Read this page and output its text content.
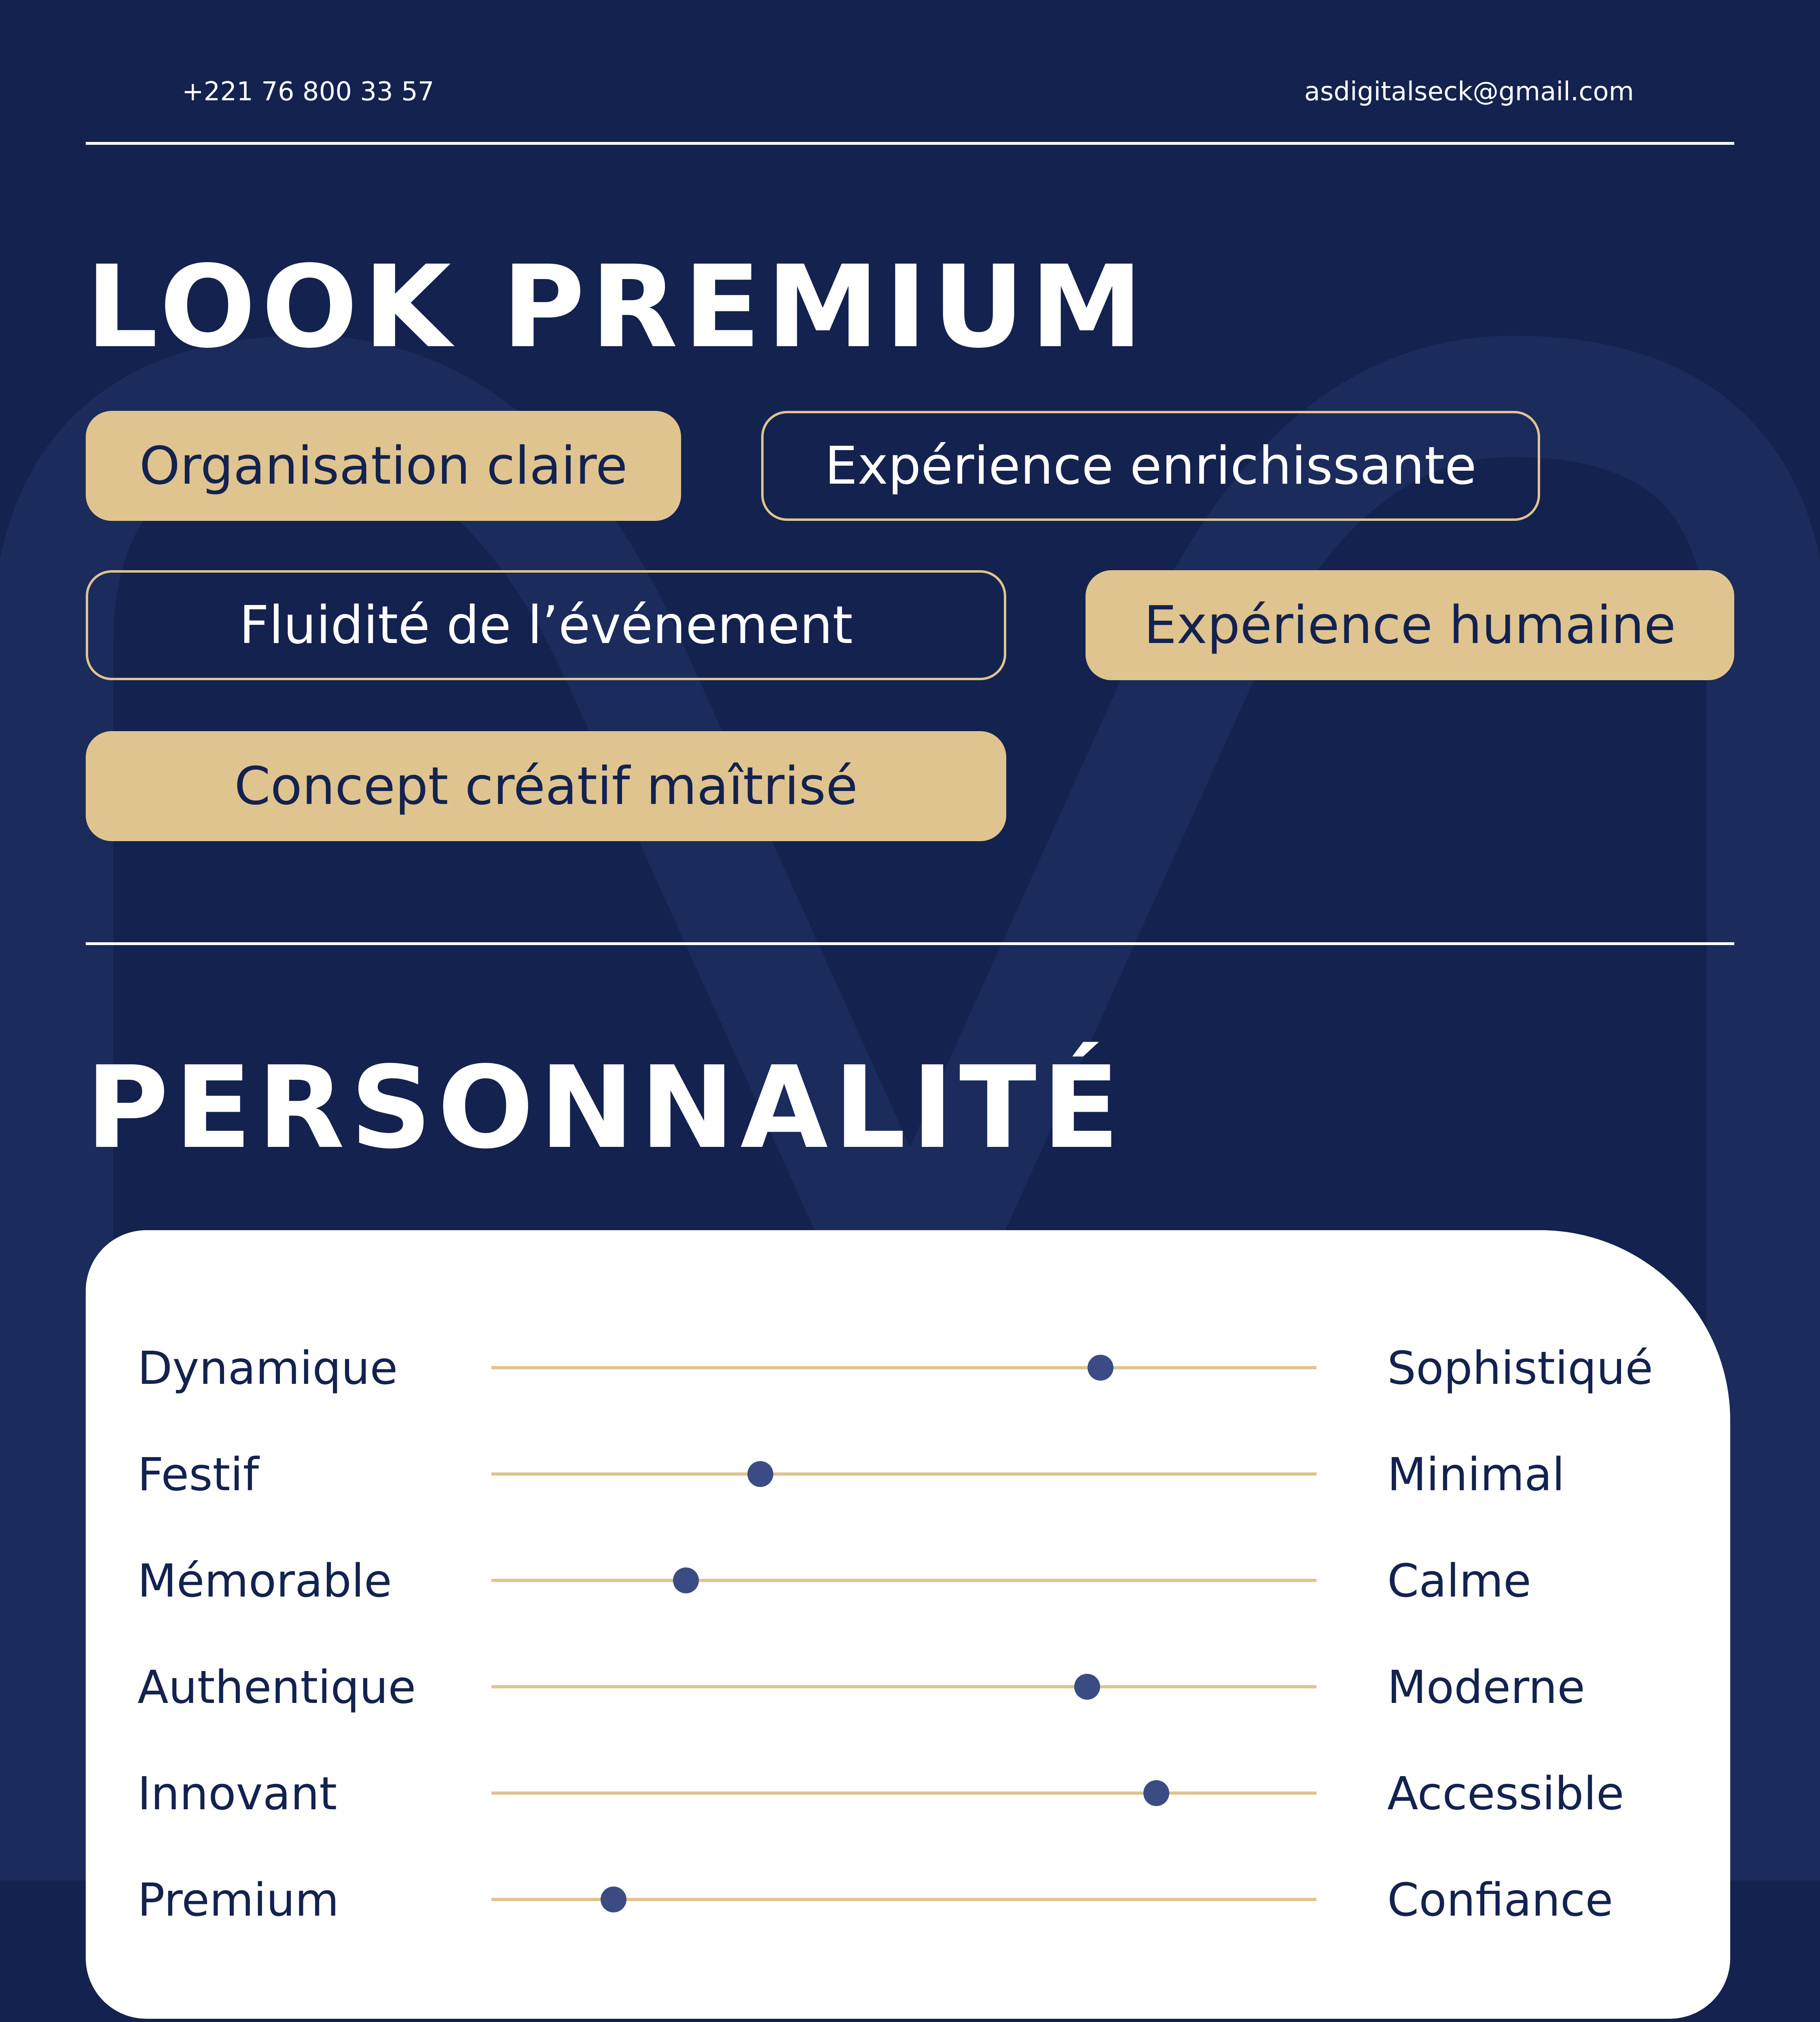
+221 76 800 33 57	asdigitalseck@gmail.com
LOOK PREMIUM
Organisation claire	Expérience enrichissante
Fluidité de l’événement	Expérience humaine
Concept créatif maîtrisé
PERSONNALITÉ
Dynamique	Sophistiqué
Festif	Minimal
Mémorable	Calme
Authentique	Moderne
Innovant	Accessible
Premium	Confiance
